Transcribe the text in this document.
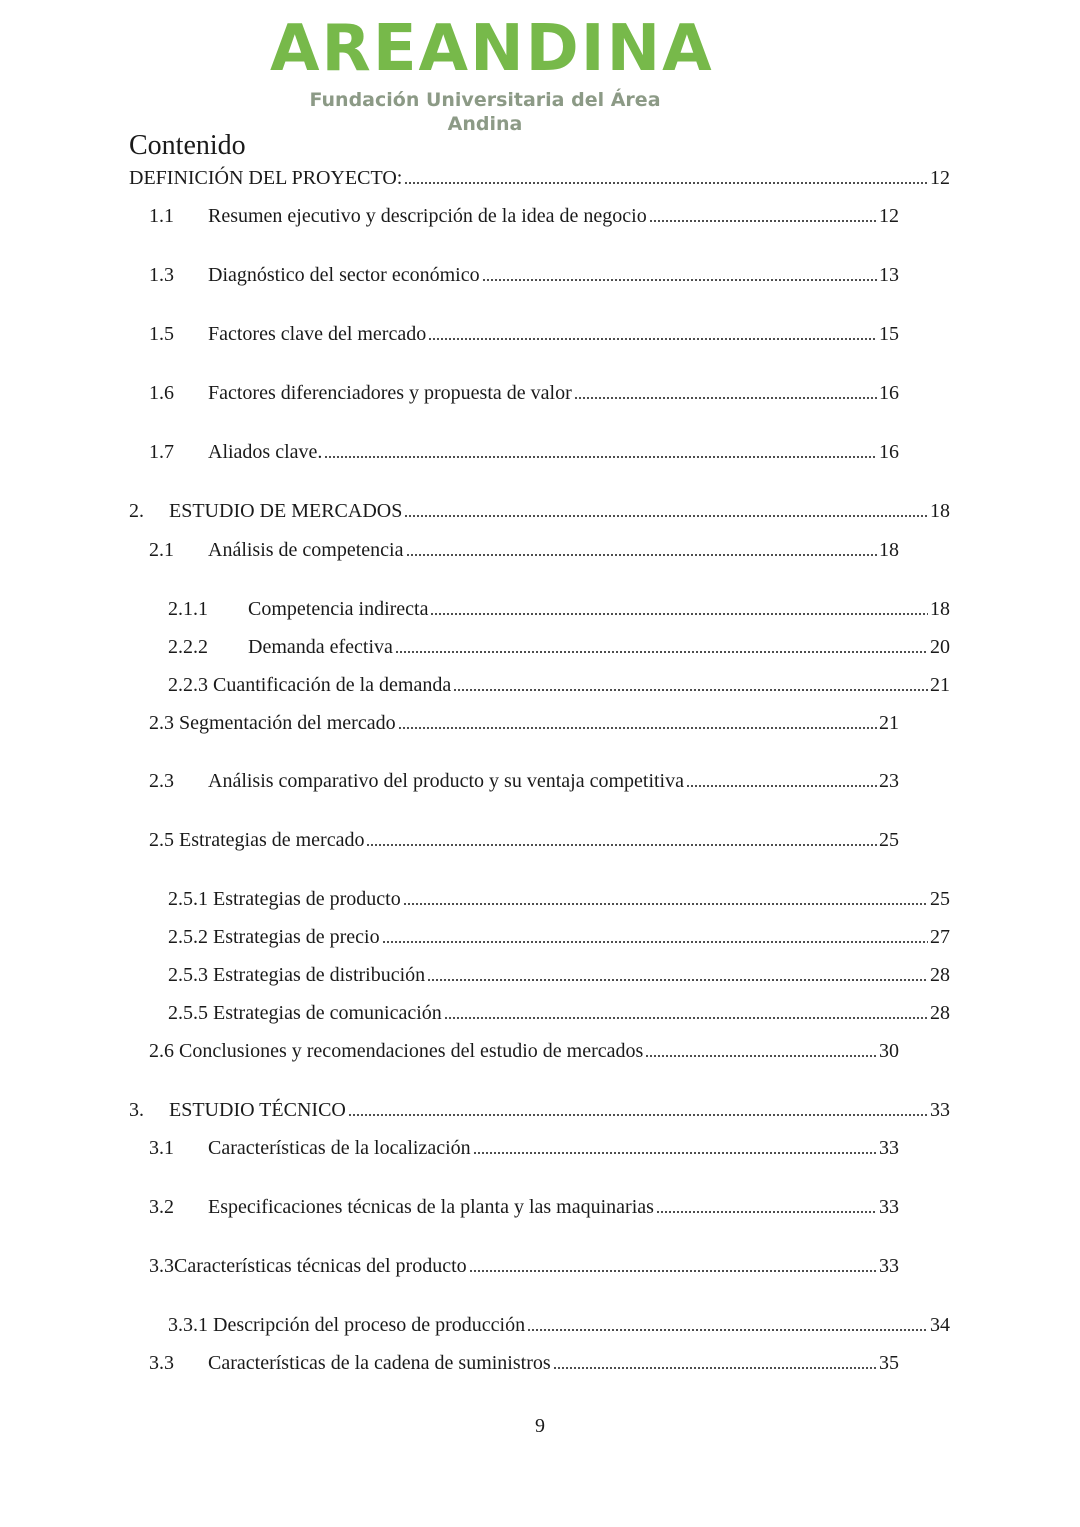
AREANDINA
Fundación Universitaria del Área Andina
Contenido
DEFINICIÓN DEL PROYECTO:	12
1.1	Resumen ejecutivo y descripción de la idea de negocio	12
1.3	Diagnóstico del sector económico	13
1.5	Factores clave del mercado	15
1.6	Factores diferenciadores y propuesta de valor	16
1.7	Aliados clave.	16
2.	ESTUDIO DE MERCADOS	18
2.1	Análisis de competencia	18
2.1.1	Competencia indirecta	18
2.2.2	Demanda efectiva	20
2.2.3 Cuantificación de la demanda	21
2.3 Segmentación del mercado	21
2.3	Análisis comparativo del producto y su ventaja competitiva	23
2.5 Estrategias de mercado	25
2.5.1 Estrategias de producto	25
2.5.2 Estrategias de precio	27
2.5.3 Estrategias de distribución	28
2.5.5 Estrategias de comunicación	28
2.6 Conclusiones y recomendaciones del estudio de mercados	30
3.	ESTUDIO TÉCNICO	33
3.1	Características de la localización	33
3.2	Especificaciones técnicas de la planta y las maquinarias	33
3.3Características técnicas del producto	33
3.3.1 Descripción del proceso de producción	34
3.3	Características de la cadena de suministros	35
9
